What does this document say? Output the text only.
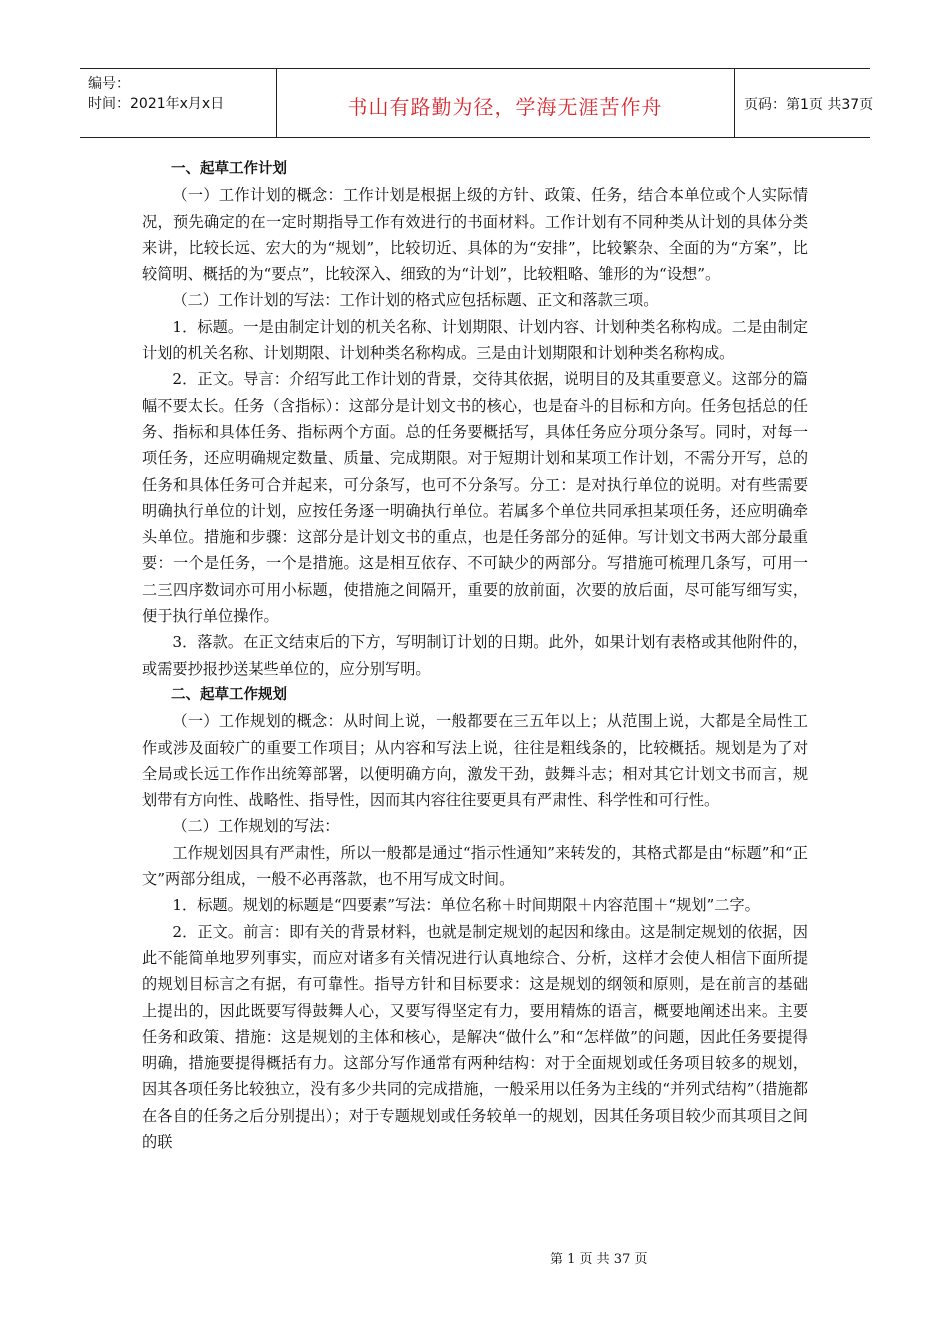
编号：
时间：2021年x月x日	书山有路勤为径，学海无涯苦作舟	页码：第1页 共37页

一、起草工作计划

（一）工作计划的概念：工作计划是根据上级的方针、政策、任务，结合本单位或个人实际情况，预先确定的在一定时期指导工作有效进行的书面材料。工作计划有不同种类从计划的具体分类来讲，比较长远、宏大的为“规划”，比较切近、具体的为“安排”，比较繁杂、全面的为“方案”，比较简明、概括的为“要点”，比较深入、细致的为“计划”，比较粗略、雏形的为“设想”。

（二）工作计划的写法：工作计划的格式应包括标题、正文和落款三项。

1．标题。一是由制定计划的机关名称、计划期限、计划内容、计划种类名称构成。二是由制定计划的机关名称、计划期限、计划种类名称构成。三是由计划期限和计划种类名称构成。

2．正文。导言：介绍写此工作计划的背景，交待其依据，说明目的及其重要意义。这部分的篇幅不要太长。任务（含指标）：这部分是计划文书的核心，也是奋斗的目标和方向。任务包括总的任务、指标和具体任务、指标两个方面。总的任务要概括写，具体任务应分项分条写。同时，对每一项任务，还应明确规定数量、质量、完成期限。对于短期计划和某项工作计划，不需分开写，总的任务和具体任务可合并起来，可分条写，也可不分条写。分工：是对执行单位的说明。对有些需要明确执行单位的计划，应按任务逐一明确执行单位。若属多个单位共同承担某项任务，还应明确牵头单位。措施和步骤：这部分是计划文书的重点，也是任务部分的延伸。写计划文书两大部分最重要：一个是任务，一个是措施。这是相互依存、不可缺少的两部分。写措施可梳理几条写，可用一二三四序数词亦可用小标题，使措施之间隔开，重要的放前面，次要的放后面，尽可能写细写实，便于执行单位操作。

3．落款。在正文结束后的下方，写明制订计划的日期。此外，如果计划有表格或其他附件的，或需要抄报抄送某些单位的，应分别写明。

二、起草工作规划

（一）工作规划的概念：从时间上说，一般都要在三五年以上；从范围上说，大都是全局性工作或涉及面较广的重要工作项目；从内容和写法上说，往往是粗线条的，比较概括。规划是为了对全局或长远工作作出统筹部署，以便明确方向，激发干劲，鼓舞斗志；相对其它计划文书而言，规划带有方向性、战略性、指导性，因而其内容往往要更具有严肃性、科学性和可行性。

（二）工作规划的写法：

工作规划因具有严肃性，所以一般都是通过“指示性通知”来转发的，其格式都是由“标题”和“正文”两部分组成，一般不必再落款，也不用写成文时间。

1．标题。规划的标题是“四要素”写法：单位名称＋时间期限＋内容范围＋“规划”二字。

2．正文。前言：即有关的背景材料，也就是制定规划的起因和缘由。这是制定规划的依据，因此不能简单地罗列事实，而应对诸多有关情况进行认真地综合、分析，这样才会使人相信下面所提的规划目标言之有据，有可靠性。指导方针和目标要求：这是规划的纲领和原则，是在前言的基础上提出的，因此既要写得鼓舞人心，又要写得坚定有力，要用精炼的语言，概要地阐述出来。主要任务和政策、措施：这是规划的主体和核心，是解决“做什么”和“怎样做”的问题，因此任务要提得明确，措施要提得概括有力。这部分写作通常有两种结构：对于全面规划或任务项目较多的规划，因其各项任务比较独立，没有多少共同的完成措施，一般采用以任务为主线的“并列式结构”（措施都在各自的任务之后分别提出）；对于专题规划或任务较单一的规划，因其任务项目较少而其项目之间的联

第 1 页 共 37 页
